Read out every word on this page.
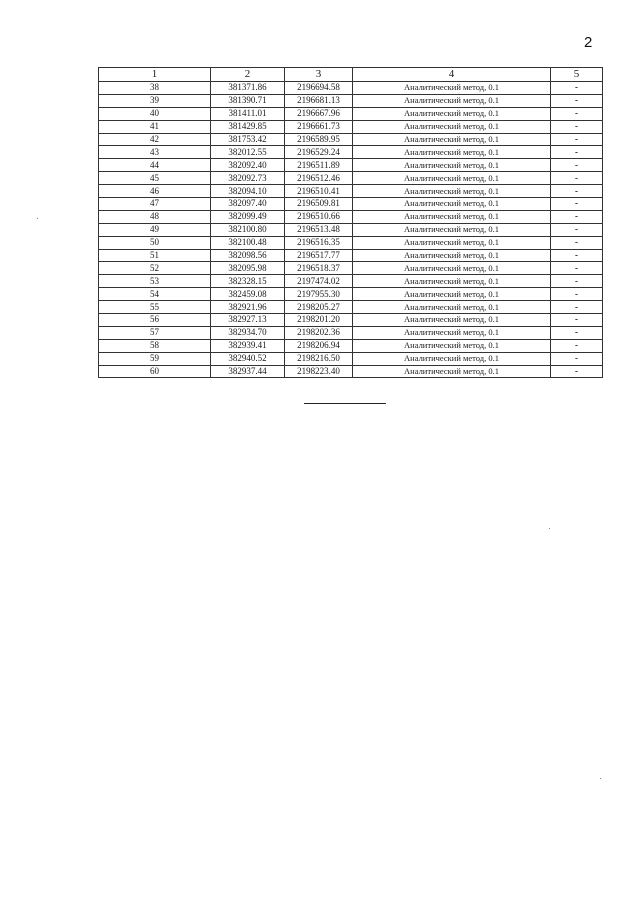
2
1	2	3	4	5
38	381371.86	2196694.58	Аналитический метод, 0.1	-
39	381390.71	2196681.13	Аналитический метод, 0.1	-
40	381411.01	2196667.96	Аналитический метод, 0.1	-
41	381429.85	2196661.73	Аналитический метод, 0.1	-
42	381753.42	2196589.95	Аналитический метод, 0.1	-
43	382012.55	2196529.24	Аналитический метод, 0.1	-
44	382092.40	2196511.89	Аналитический метод, 0.1	-
45	382092.73	2196512.46	Аналитический метод, 0.1	-
46	382094.10	2196510.41	Аналитический метод, 0.1	-
47	382097.40	2196509.81	Аналитический метод, 0.1	-
48	382099.49	2196510.66	Аналитический метод, 0.1	-
49	382100.80	2196513.48	Аналитический метод, 0.1	-
50	382100.48	2196516.35	Аналитический метод, 0.1	-
51	382098.56	2196517.77	Аналитический метод, 0.1	-
52	382095.98	2196518.37	Аналитический метод, 0.1	-
53	382328.15	2197474.02	Аналитический метод, 0.1	-
54	382459.08	2197955.30	Аналитический метод, 0.1	-
55	382921.96	2198205.27	Аналитический метод, 0.1	-
56	382927.13	2198201.20	Аналитический метод, 0.1	-
57	382934.70	2198202.36	Аналитический метод, 0.1	-
58	382939.41	2198206.94	Аналитический метод, 0.1	-
59	382940.52	2198216.50	Аналитический метод, 0.1	-
60	382937.44	2198223.40	Аналитический метод, 0.1	-
